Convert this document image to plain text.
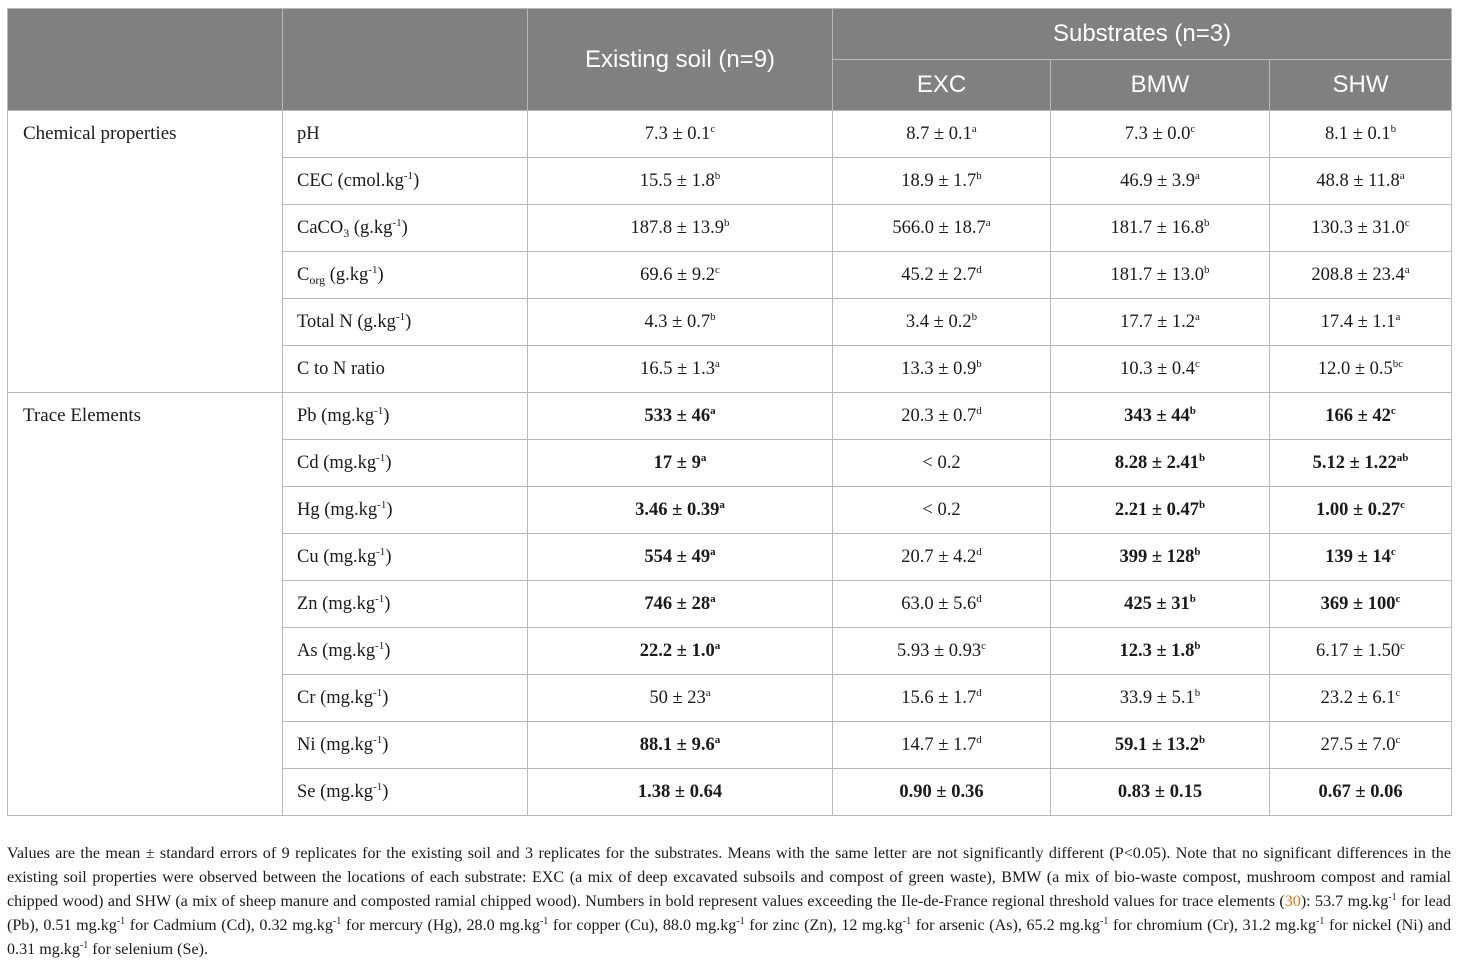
		Existing soil (n=9)	Substrates (n=3)		
			EXC	BMW	SHW
Chemical properties	pH	7.3 ± 0.1$^c$	8.7 ± 0.1$^a$	7.3 ± 0.0$^c$	8.1 ± 0.1$^b$
	CEC $(cmol.kg^{-1})$	15.5 ± 1.8$^b$	18.9 ± 1.7$^b$	46.9 ± 3.9$^a$	48.8 ± 11.8$^a$
	CaCO$_3$ $(g.kg^{-1})$	187.8 ± 13.9$^b$	566.0 ± 18.7$^a$	181.7 ± 16.8$^b$	130.3 ± 31.0$^c$
	$C_{org}$ $(g.kg^{-1})$	69.6 ± 9.2$^c$	45.2 ± 2.7$^d$	181.7 ± 13.0$^b$	208.8 ± 23.4$^a$
	Total N $(g.kg^{-1})$	4.3 ± 0.7$^b$	3.4 ± 0.2$^b$	17.7 ± 1.2$^a$	17.4 ± 1.1$^a$
	C to N ratio	16.5 ± 1.3$^a$	13.3 ± 0.9$^b$	10.3 ± 0.4$^c$	12.0 ± 0.5$^{bc}$
Trace Elements	Pb $(mg.kg^{-1})$	$533 \pm 46^a$	20.3 ± 0.7$^d$	$343 \pm 44^b$	$166 \pm 42^c$
	Cd $(mg.kg^{-1})$	$17 \pm 9^a$	< 0.2	8.28 ± 2.41$^b$	5.12 ± 1.22$^{ab}$
	Hg $(mg.kg^{-1})$	3.46 ± 0.39$^a$	< 0.2	2.21 ± 0.47$^b$	1.00 ± 0.27$^c$
	Cu $(mg.kg^{-1})$	$554 \pm 49^a$	20.7 ± 4.2$^d$	$399 \pm 128^b$	$139 \pm 14^c$
	Zn $(mg.kg^{-1})$	$746 \pm 28^a$	63.0 ± 5.6$^d$	$425 \pm 31^b$	$369 \pm 100^c$
	As $(mg.kg^{-1})$	22.2 ± 1.0$^a$	5.93 ± 0.93$^c$	12.3 ± 1.8$^b$	6.17 ± 1.50$^c$
	Cr $(mg.kg^{-1})$	$50 \pm 23^a$	15.6 ± 1.7$^d$	33.9 ± 5.1$^b$	23.2 ± 6.1$^c$
	Ni $(mg.kg^{-1})$	88.1 ± 9.6$^a$	14.7 ± 1.7$^d$	59.1 ± 13.2$^b$	27.5 ± 7.0$^c$
	Se $(mg.kg^{-1})$	1.38 ± 0.64	0.90 ± 0.36	0.83 ± 0.15	0.67 ± 0.06
Values are the mean ± standard errors of 9 replicates for the existing soil and 3 replicates for the substrates. Means with the same letter are not significantly different (P<0.05). Note that no significant differences in the existing soil properties were observed between the locations of each substrate: EXC (a mix of deep excavated subsoils and compost of green waste), BMW (a mix of bio-waste compost, mushroom compost and ramial chipped wood) and SHW (a mix of sheep manure and composted ramial chipped wood). Numbers in bold represent values exceeding the Ile-de-France regional threshold values for trace elements (30): 53.7 $mg.kg^{-1}$ for lead (Pb), 0.51 $mg.kg^{-1}$ for Cadmium (Cd), 0.32 $mg.kg^{-1}$ for mercury (Hg), 28.0 $mg.kg^{-1}$ for copper (Cu), 88.0 $mg.kg^{-1}$ for zinc (Zn), 12 $mg.kg^{-1}$ for arsenic (As), 65.2 $mg.kg^{-1}$ for chromium (Cr), 31.2 $mg.kg^{-1}$ for nickel (Ni) and 0.31 $mg.kg^{-1}$ for selenium (Se).
